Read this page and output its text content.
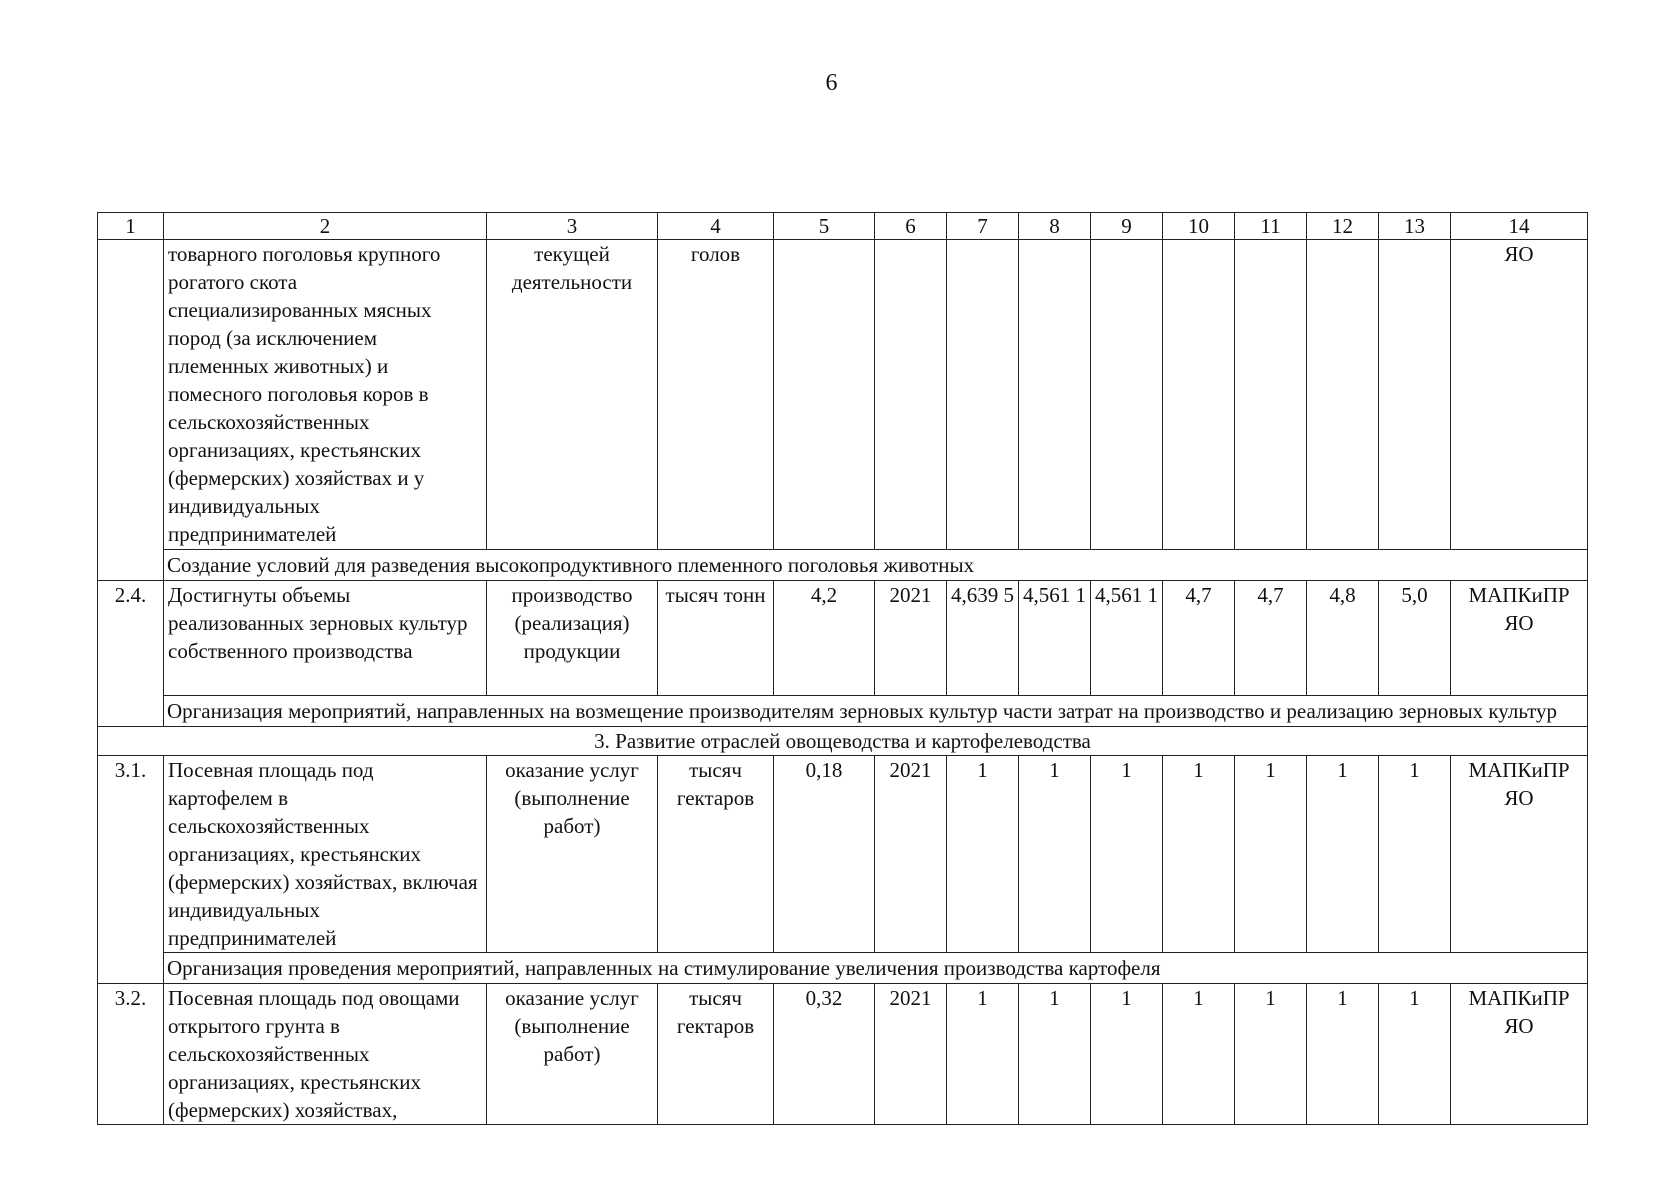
6
1	2	3	4	5	6	7	8	9	10	11	12	13	14
	товарного поголовья крупного рогатого скота специализированных мясных пород (за исключением племенных животных) и помесного поголовья коров в сельскохозяйственных организациях, крестьянских (фермерских) хозяйствах и у индивидуальных предпринимателей	текущей деятельности	голов										ЯО
	Создание условий для разведения высокопродуктивного племенного поголовья животных												
2.4.	Достигнуты объемы реализованных зерновых культур собственного производства	производство (реализация) продукции	тысяч тонн	4,2	2021	4,639 5	4,561 1	4,561 1	4,7	4,7	4,8	5,0	МАПКиПР ЯО
	Организация мероприятий, направленных на возмещение производителям зерновых культур части затрат на производство и реализацию зерновых культур												
3. Развитие отраслей овощеводства и картофелеводства													
3.1.	Посевная площадь под картофелем в сельскохозяйственных организациях, крестьянских (фермерских) хозяйствах, включая индивидуальных предпринимателей	оказание услуг (выполнение работ)	тысяч гектаров	0,18	2021	1	1	1	1	1	1	1	МАПКиПР ЯО
	Организация проведения мероприятий, направленных на стимулирование увеличения производства картофеля												
3.2.	Посевная площадь под овощами открытого грунта в сельскохозяйственных организациях, крестьянских (фермерских) хозяйствах,	оказание услуг (выполнение работ)	тысяч гектаров	0,32	2021	1	1	1	1	1	1	1	МАПКиПР ЯО
